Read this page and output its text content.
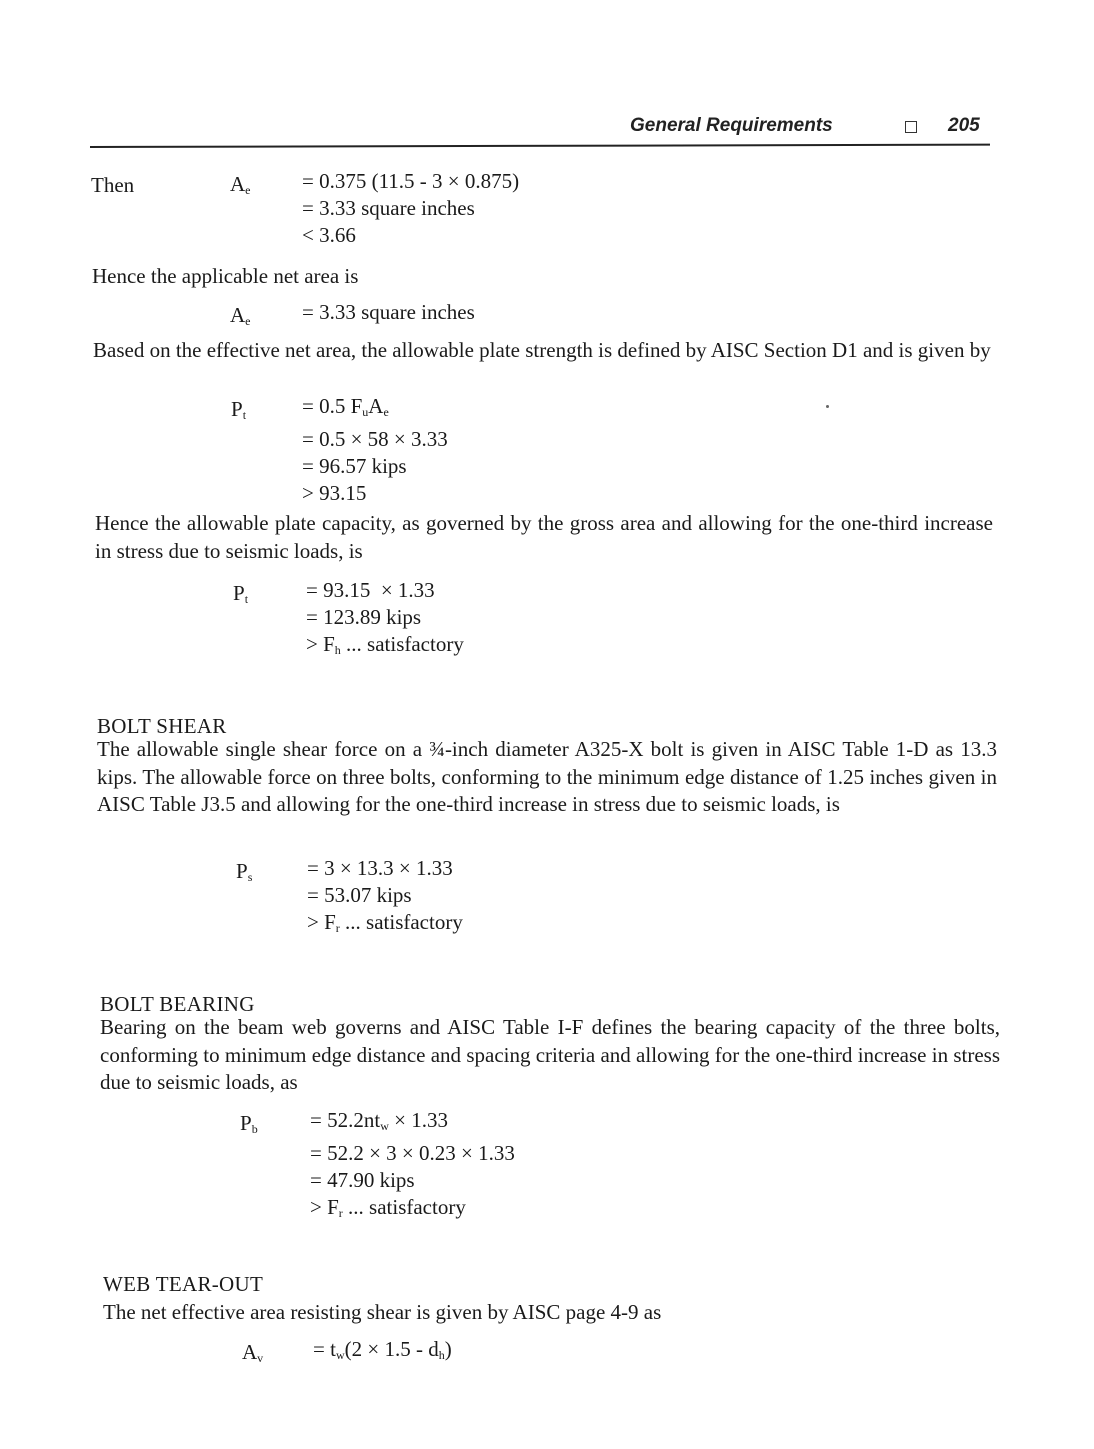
General Requirements	205
Then	$A_e = 0.375$ (11.5 - 3 × 0.875)
= 3.33 square inches
< 3.66
Hence the applicable net area is
$A_e = 3.33$ square inches
Based on the effective net area, the allowable plate strength is defined by AISC Section D1 and is given by
$P_t$	= 0.5 $F_uA_e$
= 0.5 × 58 × 3.33
= 96.57 kips
> 93.15
Hence the allowable plate capacity, as governed by the gross area and allowing for the one-third increase in stress due to seismic loads, is
$P_t$	= 93.15  × 1.33
= 123.89 kips
> $F_h$ ... satisfactory
BOLT SHEAR
The allowable single shear force on a ¾-inch diameter A325-X bolt is given in AISC Table 1-D as 13.3 kips. The allowable force on three bolts, conforming to the minimum edge distance of 1.25 inches given in AISC Table J3.5 and allowing for the one-third increase in stress due to seismic loads, is
$P_s$	= 3 × 13.3 × 1.33
= 53.07 kips
> $F_r$ ... satisfactory
BOLT BEARING
Bearing on the beam web governs and AISC Table I-F defines the bearing capacity of the three bolts, conforming to minimum edge distance and spacing criteria and allowing for the one-third increase in stress due to seismic loads, as
$P_b = 52.2nt_w \times 1.33$
= 52.2 × 3 × 0.23 × 1.33
= 47.90 kips
> $F_r$ ... satisfactory
WEB TEAR-OUT
The net effective area resisting shear is given by AISC page 4-9 as
$A_v = t_w(2 \times 1.5 - d_h)$
